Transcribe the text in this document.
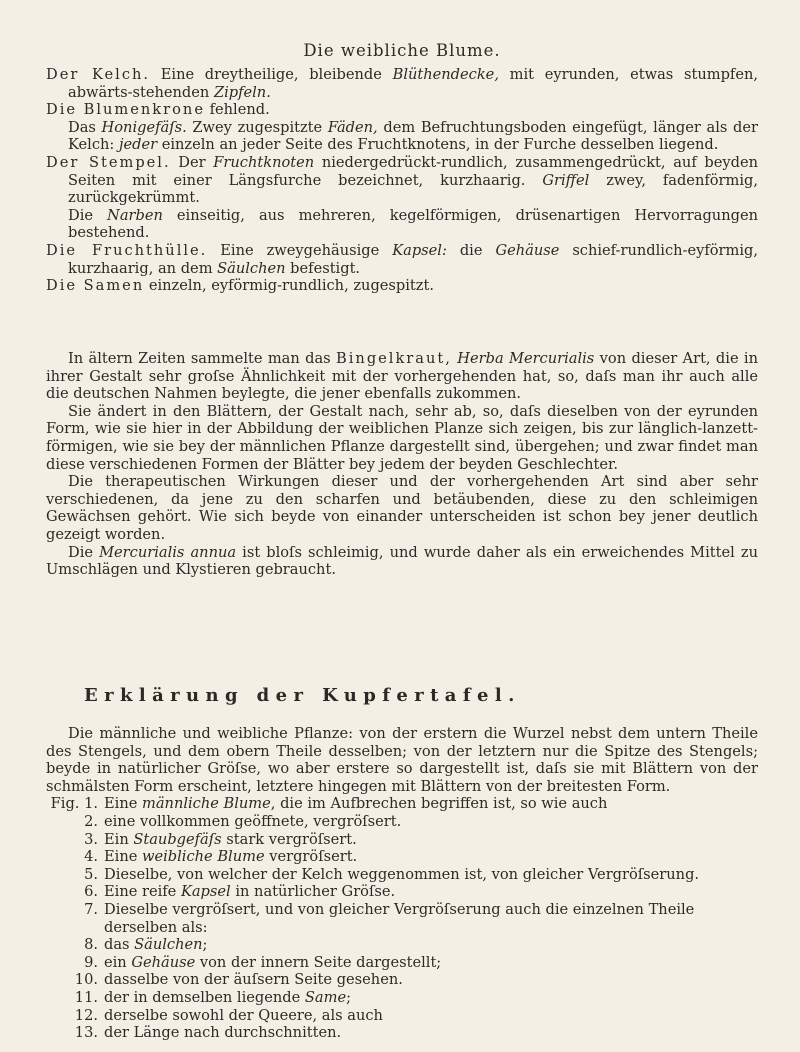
Die weibliche Blume.

Der Kelch. Eine dreytheilige, bleibende Blüthendecke, mit eyrunden, etwas stumpfen, abwärts-stehenden Zipfeln.

Die Blumenkrone fehlend.

Das Honigefäſs. Zwey zugespitzte Fäden, dem Befruchtungsboden eingefügt, länger als der Kelch: jeder einzeln an jeder Seite des Fruchtknotens, in der Furche desselben liegend.

Der Stempel. Der Fruchtknoten niedergedrückt-rundlich, zusammengedrückt, auf beyden Seiten mit einer Längsfurche bezeichnet, kurzhaarig. Griffel zwey, fadenförmig, zurückgekrümmt.

Die Narben einseitig, aus mehreren, kegelförmigen, drüsenartigen Hervorragungen bestehend.

Die Fruchthülle. Eine zweygehäusige Kapsel: die Gehäuse schief-rundlich-eyförmig, kurzhaarig, an dem Säulchen befestigt.

Die Samen einzeln, eyförmig-rundlich, zugespitzt.

In ältern Zeiten sammelte man das Bingelkraut, Herba Mercurialis von dieser Art, die in ihrer Gestalt sehr groſse Ähnlichkeit mit der vorhergehenden hat, so, daſs man ihr auch alle die deutschen Nahmen beylegte, die jener ebenfalls zukommen.

Sie ändert in den Blättern, der Gestalt nach, sehr ab, so, daſs dieselben von der eyrunden Form, wie sie hier in der Abbildung der weiblichen Planze sich zeigen, bis zur länglich-lanzett-förmigen, wie sie bey der männlichen Pflanze dargestellt sind, übergehen; und zwar findet man diese verschiedenen Formen der Blätter bey jedem der beyden Geschlechter.

Die therapeutischen Wirkungen dieser und der vorhergehenden Art sind aber sehr verschiedenen, da jene zu den scharfen und betäubenden, diese zu den schleimigen Gewächsen gehört. Wie sich beyde von einander unterscheiden ist schon bey jener deutlich gezeigt worden.

Die Mercurialis annua ist bloſs schleimig, und wurde daher als ein erweichendes Mittel zu Umschlägen und Klystieren gebraucht.

Erklärung der Kupfertafel.

Die männliche und weibliche Pflanze: von der erstern die Wurzel nebst dem untern Theile des Stengels, und dem obern Theile desselben; von der letztern nur die Spitze des Stengels; beyde in natürlicher Gröſse, wo aber erstere so dargestellt ist, daſs sie mit Blättern von der schmälsten Form erscheint, letztere hingegen mit Blättern von der breitesten Form.

Fig. 1. Eine männliche Blume, die im Aufbrechen begriffen ist, so wie auch
2. eine vollkommen geöffnete, vergröſsert.
3. Ein Staubgefäſs stark vergröſsert.
4. Eine weibliche Blume vergröſsert.
5. Dieselbe, von welcher der Kelch weggenommen ist, von gleicher Vergröſserung.
6. Eine reife Kapsel in natürlicher Gröſse.
7. Dieselbe vergröſsert, und von gleicher Vergröſserung auch die einzelnen Theile derselben als:
8. das Säulchen;
9. ein Gehäuse von der innern Seite dargestellt;
10. dasselbe von der äuſsern Seite gesehen.
11. der in demselben liegende Same;
12. derselbe sowohl der Queere, als auch
13. der Länge nach durchschnitten.
